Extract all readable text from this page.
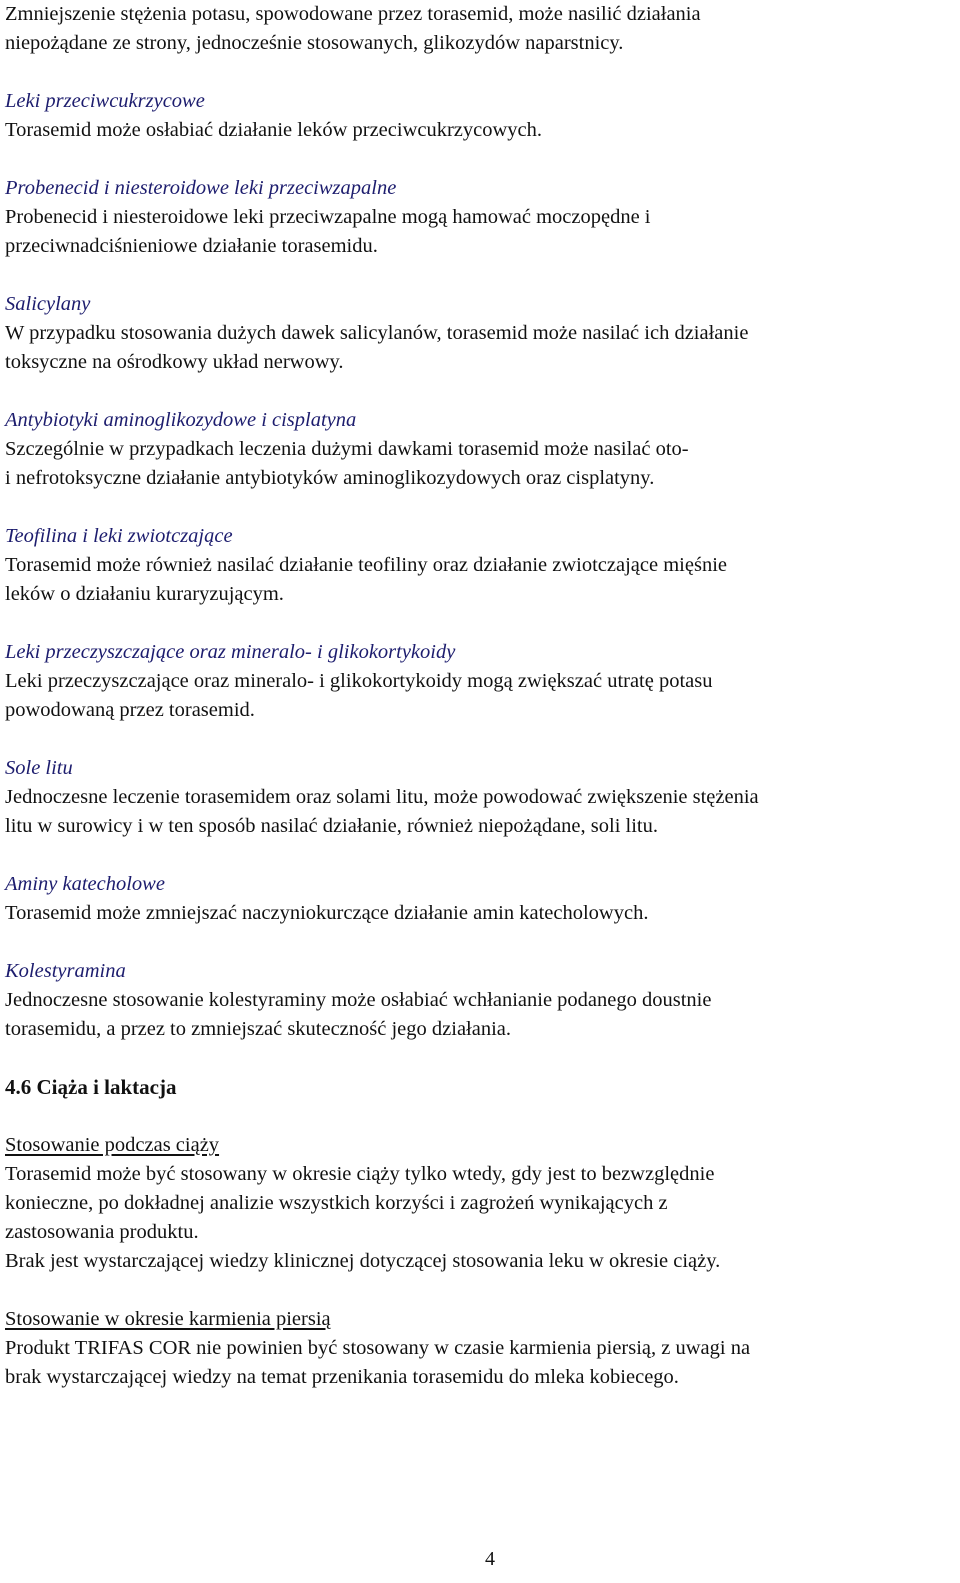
Zmniejszenie stężenia potasu, spowodowane przez torasemid, może nasilić działania

niepożądane ze strony, jednocześnie stosowanych, glikozydów naparstnicy.

Leki przeciwcukrzycowe

Torasemid może osłabiać działanie leków przeciwcukrzycowych.

Probenecid i niesteroidowe leki przeciwzapalne

Probenecid i niesteroidowe leki przeciwzapalne mogą hamować moczopędne i

przeciwnadciśnieniowe działanie torasemidu.

Salicylany

W przypadku stosowania dużych dawek salicylanów, torasemid może nasilać ich działanie

toksyczne na ośrodkowy układ nerwowy.

Antybiotyki aminoglikozydowe i cisplatyna

Szczególnie w przypadkach leczenia dużymi dawkami torasemid może nasilać oto-

i nefrotoksyczne działanie antybiotyków aminoglikozydowych oraz cisplatyny.

Teofilina i leki zwiotczające

Torasemid może również nasilać działanie teofiliny oraz działanie zwiotczające mięśnie

leków o działaniu kuraryzującym.

Leki przeczyszczające oraz mineralo- i glikokortykoidy

Leki przeczyszczające oraz mineralo- i glikokortykoidy mogą zwiększać utratę potasu

powodowaną przez torasemid.

Sole litu

Jednoczesne leczenie torasemidem oraz solami litu, może powodować zwiększenie stężenia

litu w surowicy i w ten sposób nasilać działanie, również niepożądane, soli litu.

Aminy katecholowe

Torasemid może zmniejszać naczyniokurczące działanie amin katecholowych.

Kolestyramina

Jednoczesne stosowanie kolestyraminy może osłabiać wchłanianie podanego doustnie

torasemidu, a przez to zmniejszać skuteczność jego działania.

4.6 Ciąża i laktacja

Stosowanie podczas ciąży

Torasemid może być stosowany w okresie ciąży tylko wtedy, gdy jest to bezwzględnie

konieczne, po dokładnej analizie wszystkich korzyści i zagrożeń wynikających z

zastosowania produktu.

Brak jest wystarczającej wiedzy klinicznej dotyczącej stosowania leku w okresie ciąży.

Stosowanie w okresie karmienia piersią

Produkt TRIFAS COR nie powinien być stosowany w czasie karmienia piersią, z uwagi na

brak wystarczającej wiedzy na temat przenikania torasemidu do mleka kobiecego.

4
